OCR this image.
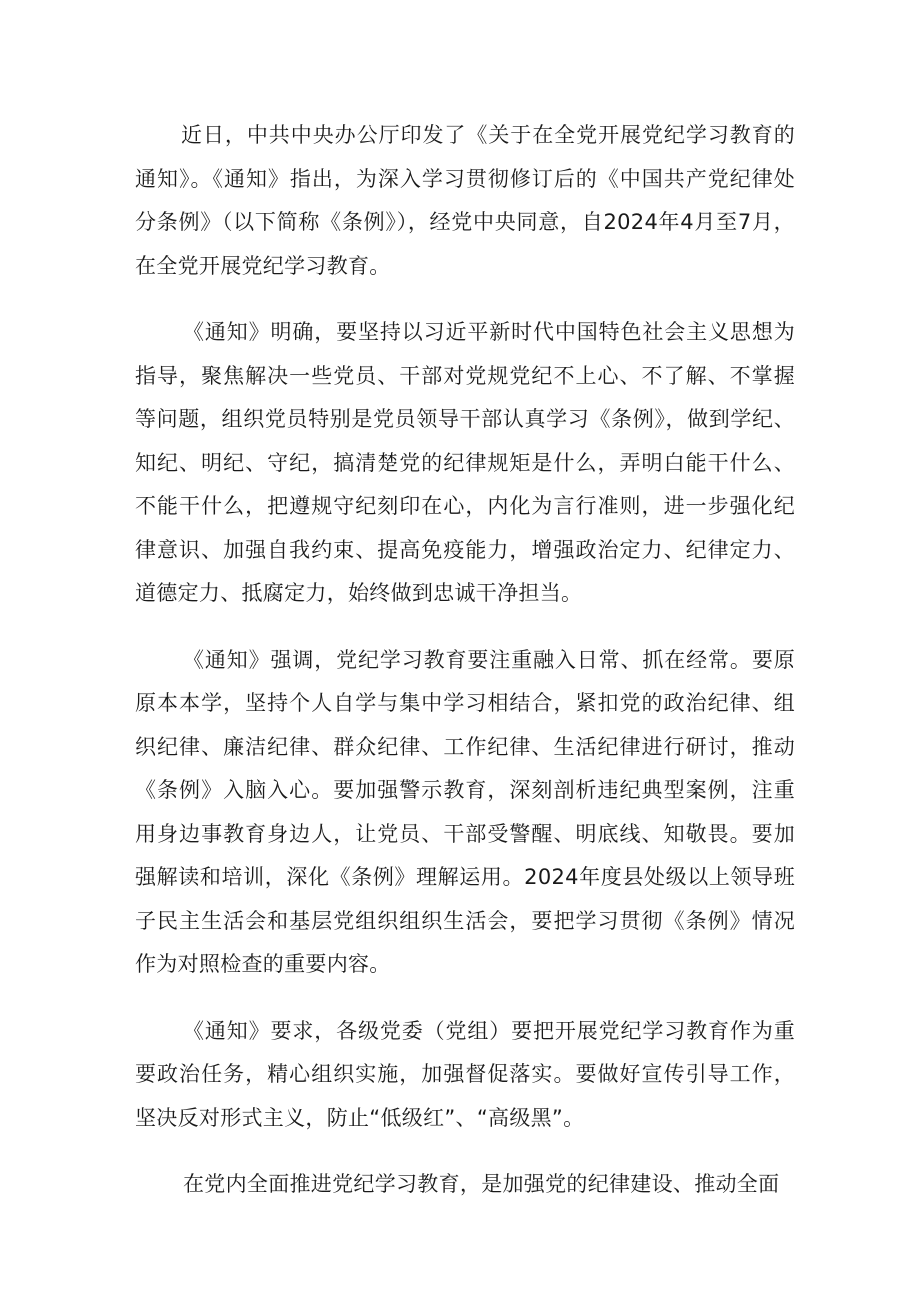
近日，中共中央办公厅印发了《关于在全党开展党纪学习教育的通知》。《通知》指出，为深入学习贯彻修订后的《中国共产党纪律处分条例》（以下简称《条例》），经党中央同意，自2024年4月至7月，在全党开展党纪学习教育。

《通知》明确，要坚持以习近平新时代中国特色社会主义思想为指导，聚焦解决一些党员、干部对党规党纪不上心、不了解、不掌握等问题，组织党员特别是党员领导干部认真学习《条例》，做到学纪、知纪、明纪、守纪，搞清楚党的纪律规矩是什么，弄明白能干什么、不能干什么，把遵规守纪刻印在心，内化为言行准则，进一步强化纪律意识、加强自我约束、提高免疫能力，增强政治定力、纪律定力、道德定力、抵腐定力，始终做到忠诚干净担当。

《通知》强调，党纪学习教育要注重融入日常、抓在经常。要原原本本学，坚持个人自学与集中学习相结合，紧扣党的政治纪律、组织纪律、廉洁纪律、群众纪律、工作纪律、生活纪律进行研讨，推动《条例》入脑入心。要加强警示教育，深刻剖析违纪典型案例，注重用身边事教育身边人，让党员、干部受警醒、明底线、知敬畏。要加强解读和培训，深化《条例》理解运用。2024年度县处级以上领导班子民主生活会和基层党组织组织生活会，要把学习贯彻《条例》情况作为对照检查的重要内容。

《通知》要求，各级党委（党组）要把开展党纪学习教育作为重要政治任务，精心组织实施，加强督促落实。要做好宣传引导工作，坚决反对形式主义，防止“低级红”、“高级黑”。

在党内全面推进党纪学习教育，是加强党的纪律建设、推动全面
